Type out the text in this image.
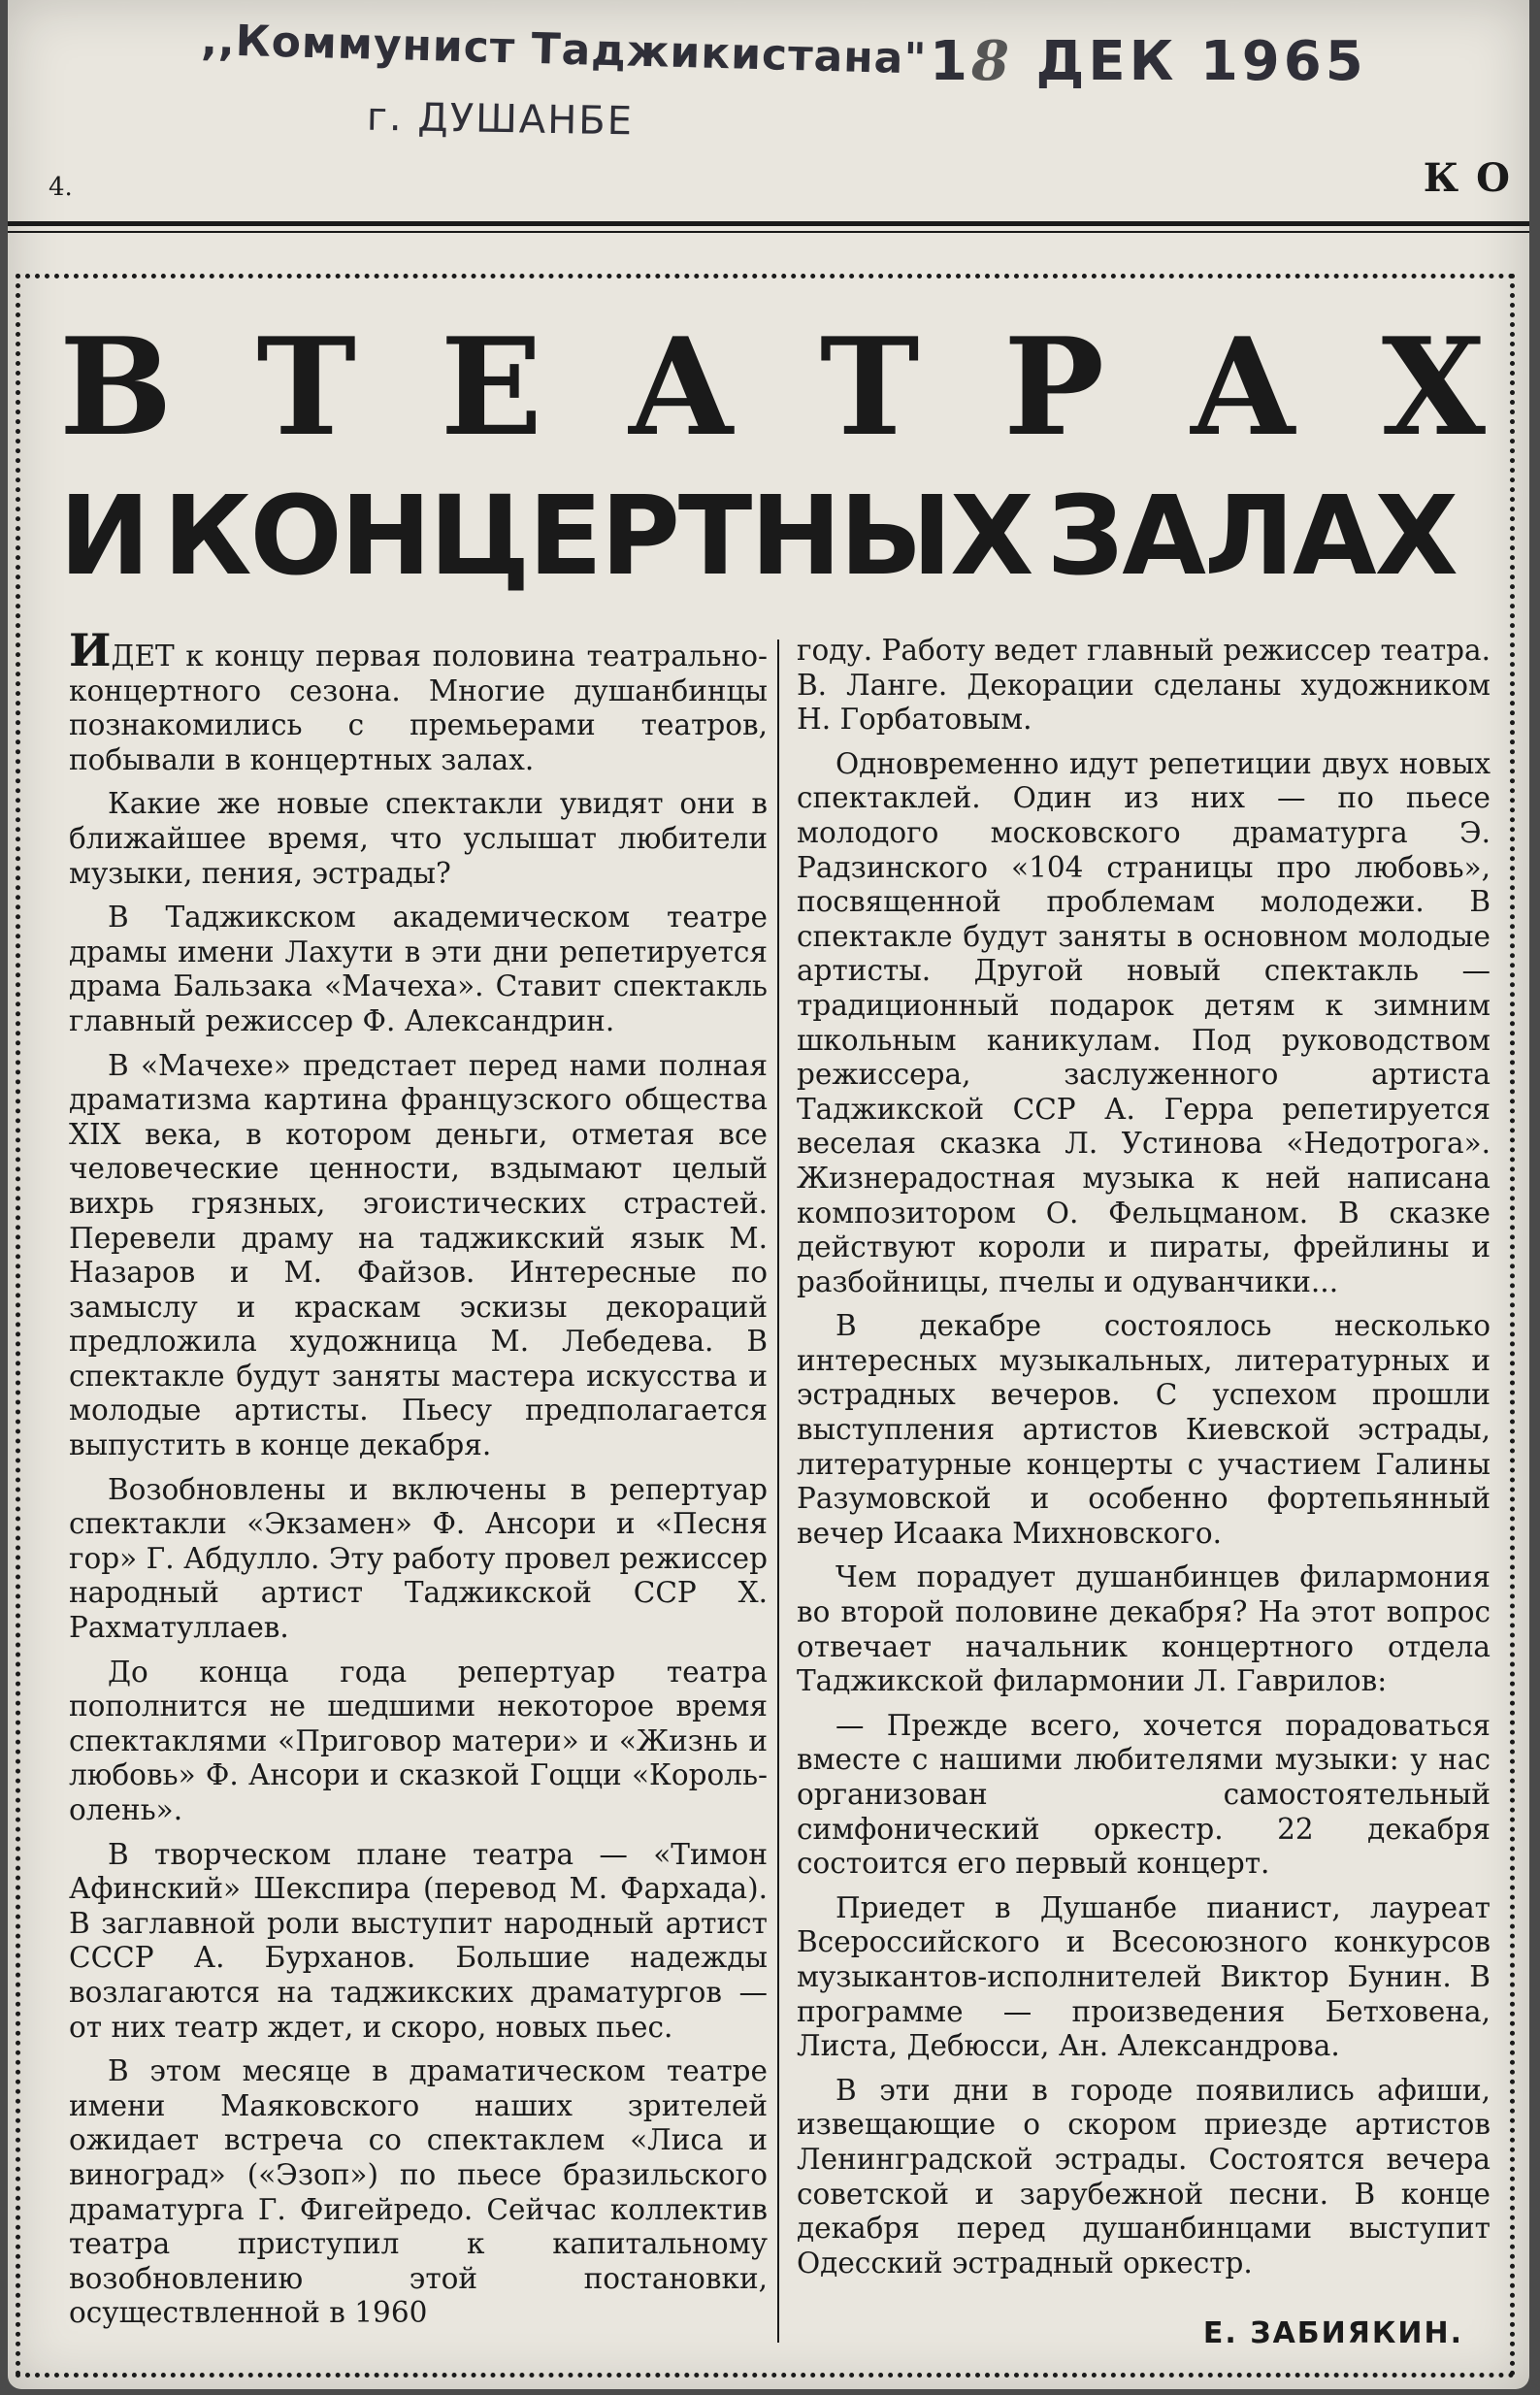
,,Коммунист Таджикистана"
г. ДУШАНБЕ
18 ДЕК 1965
4.	КО
В Т Е А Т Р А Х
И КОНЦЕРТНЫХ ЗАЛАХ

ИДЕТ к концу первая половина театрально-концертного сезона. Многие душанбинцы познакомились с премьерами театров, побывали в концертных залах.

Какие же новые спектакли увидят они в ближайшее время, что услышат любители музыки, пения, эстрады?

В Таджикском академическом театре драмы имени Лахути в эти дни репетируется драма Бальзака «Мачеха». Ставит спектакль главный режиссер Ф. Александрин.

В «Мачехе» предстает перед нами полная драматизма картина французского общества XIX века, в котором деньги, отметая все человеческие ценности, вздымают целый вихрь грязных, эгоистических страстей. Перевели драму на таджикский язык М. Назаров и М. Файзов. Интересные по замыслу и краскам эскизы декораций предложила художница М. Лебедева. В спектакле будут заняты мастера искусства и молодые артисты. Пьесу предполагается выпустить в конце декабря.

Возобновлены и включены в репертуар спектакли «Экзамен» Ф. Ансори и «Песня гор» Г. Абдулло. Эту работу провел режиссер народный артист Таджикской ССР Х. Рахматуллаев.

До конца года репертуар театра пополнится не шедшими некоторое время спектаклями «Приговор матери» и «Жизнь и любовь» Ф. Ансори и сказкой Гоцци «Король-олень».

В творческом плане театра — «Тимон Афинский» Шекспира (перевод М. Фархада). В заглавной роли выступит народный артист СССР А. Бурханов. Большие надежды возлагаются на таджикских драматургов — от них театр ждет, и скоро, новых пьес.

В этом месяце в драматическом театре имени Маяковского наших зрителей ожидает встреча со спектаклем «Лиса и виноград» («Эзоп») по пьесе бразильского драматурга Г. Фигейредо. Сейчас коллектив театра приступил к капитальному возобновлению этой постановки, осуществленной в 1960

году. Работу ведет главный режиссер театра. В. Ланге. Декорации сделаны художником Н. Горбатовым.

Одновременно идут репетиции двух новых спектаклей. Один из них — по пьесе молодого московского драматурга Э. Радзинского «104 страницы про любовь», посвященной проблемам молодежи. В спектакле будут заняты в основном молодые артисты. Другой новый спектакль — традиционный подарок детям к зимним школьным каникулам. Под руководством режиссера, заслуженного артиста Таджикской ССР А. Герра репетируется веселая сказка Л. Устинова «Недотрога». Жизнерадостная музыка к ней написана композитором О. Фельцманом. В сказке действуют короли и пираты, фрейлины и разбойницы, пчелы и одуванчики...

В декабре состоялось несколько интересных музыкальных, литературных и эстрадных вечеров. С успехом прошли выступления артистов Киевской эстрады, литературные концерты с участием Галины Разумовской и особенно фортепьянный вечер Исаака Михновского.

Чем порадует душанбинцев филармония во второй половине декабря? На этот вопрос отвечает начальник концертного отдела Таджикской филармонии Л. Гаврилов:

— Прежде всего, хочется порадоваться вместе с нашими любителями музыки: у нас организован самостоятельный симфонический оркестр. 22 декабря состоится его первый концерт.

Приедет в Душанбе пианист, лауреат Всероссийского и Всесоюзного конкурсов музыкантов-исполнителей Виктор Бунин. В программе — произведения Бетховена, Листа, Дебюсси, Ан. Александрова.

В эти дни в городе появились афиши, извещающие о скором приезде артистов Ленинградской эстрады. Состоятся вечера советской и зарубежной песни. В конце декабря перед душанбинцами выступит Одесский эстрадный оркестр.

Е. ЗАБИЯКИН.
